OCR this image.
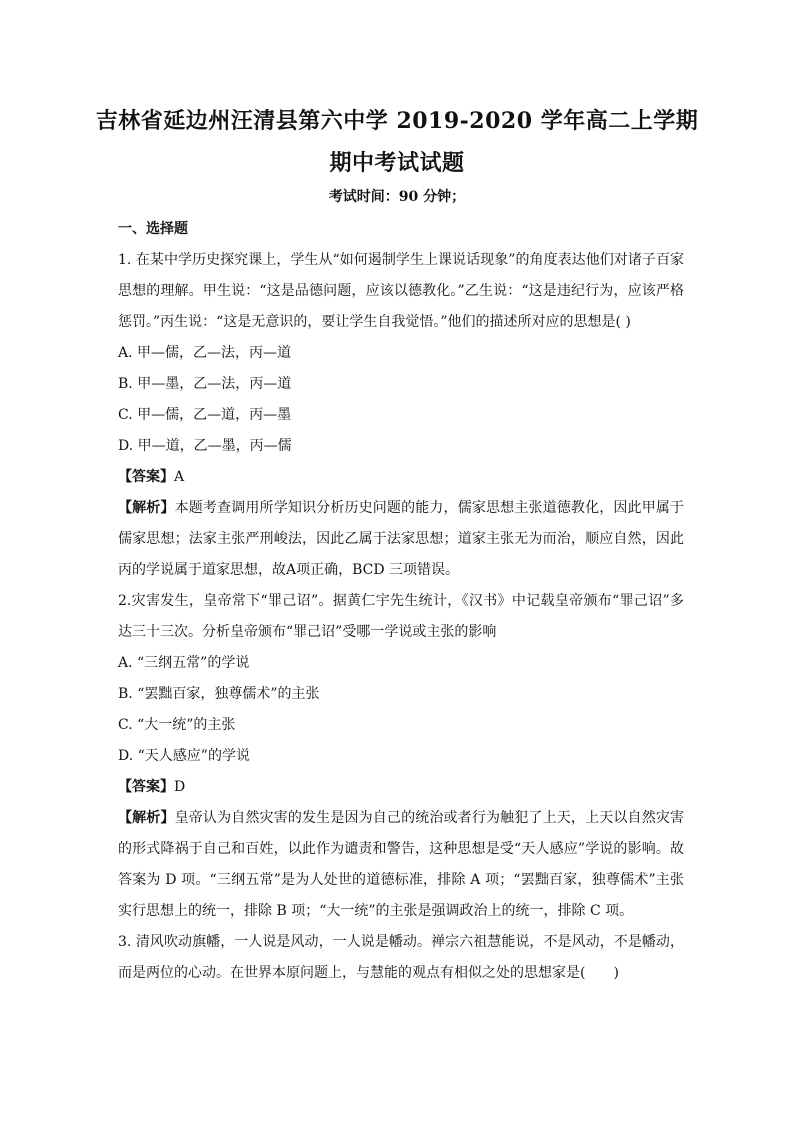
吉林省延边州汪清县第六中学 2019-2020 学年高二上学期
期中考试试题
考试时间：90 分钟；

一、选择题

1. 在某中学历史探究课上，学生从“如何遏制学生上课说话现象”的角度表达他们对诸子百家思想的理解。甲生说：“这是品德问题，应该以德教化。”乙生说：“这是违纪行为，应该严格惩罚。”丙生说：“这是无意识的，要让学生自我觉悟。”他们的描述所对应的思想是( )

A. 甲—儒，乙—法，丙—道

B. 甲—墨，乙—法，丙—道

C. 甲—儒，乙—道，丙—墨

D. 甲—道，乙—墨，丙—儒

【答案】A

【解析】本题考查调用所学知识分析历史问题的能力，儒家思想主张道德教化，因此甲属于儒家思想；法家主张严刑峻法，因此乙属于法家思想；道家主张无为而治，顺应自然，因此丙的学说属于道家思想，故A项正确，BCD 三项错误。

2.灾害发生，皇帝常下“罪己诏”。据黄仁宇先生统计，《汉书》中记载皇帝颁布“罪己诏”多达三十三次。分析皇帝颁布“罪己诏”受哪一学说或主张的影响

A. “三纲五常”的学说

B. “罢黜百家，独尊儒术”的主张

C. “大一统”的主张

D. “天人感应”的学说

【答案】D

【解析】皇帝认为自然灾害的发生是因为自己的统治或者行为触犯了上天，上天以自然灾害的形式降祸于自己和百姓，以此作为谴责和警告，这种思想是受“天人感应”学说的影响。故答案为 D 项。“三纲五常”是为人处世的道德标准，排除 A 项；“罢黜百家，独尊儒术”主张实行思想上的统一，排除 B 项；“大一统”的主张是强调政治上的统一，排除 C 项。

3. 清风吹动旗幡，一人说是风动，一人说是幡动。禅宗六祖慧能说，不是风动，不是幡动，而是两位的心动。在世界本原问题上，与慧能的观点有相似之处的思想家是(　　)
